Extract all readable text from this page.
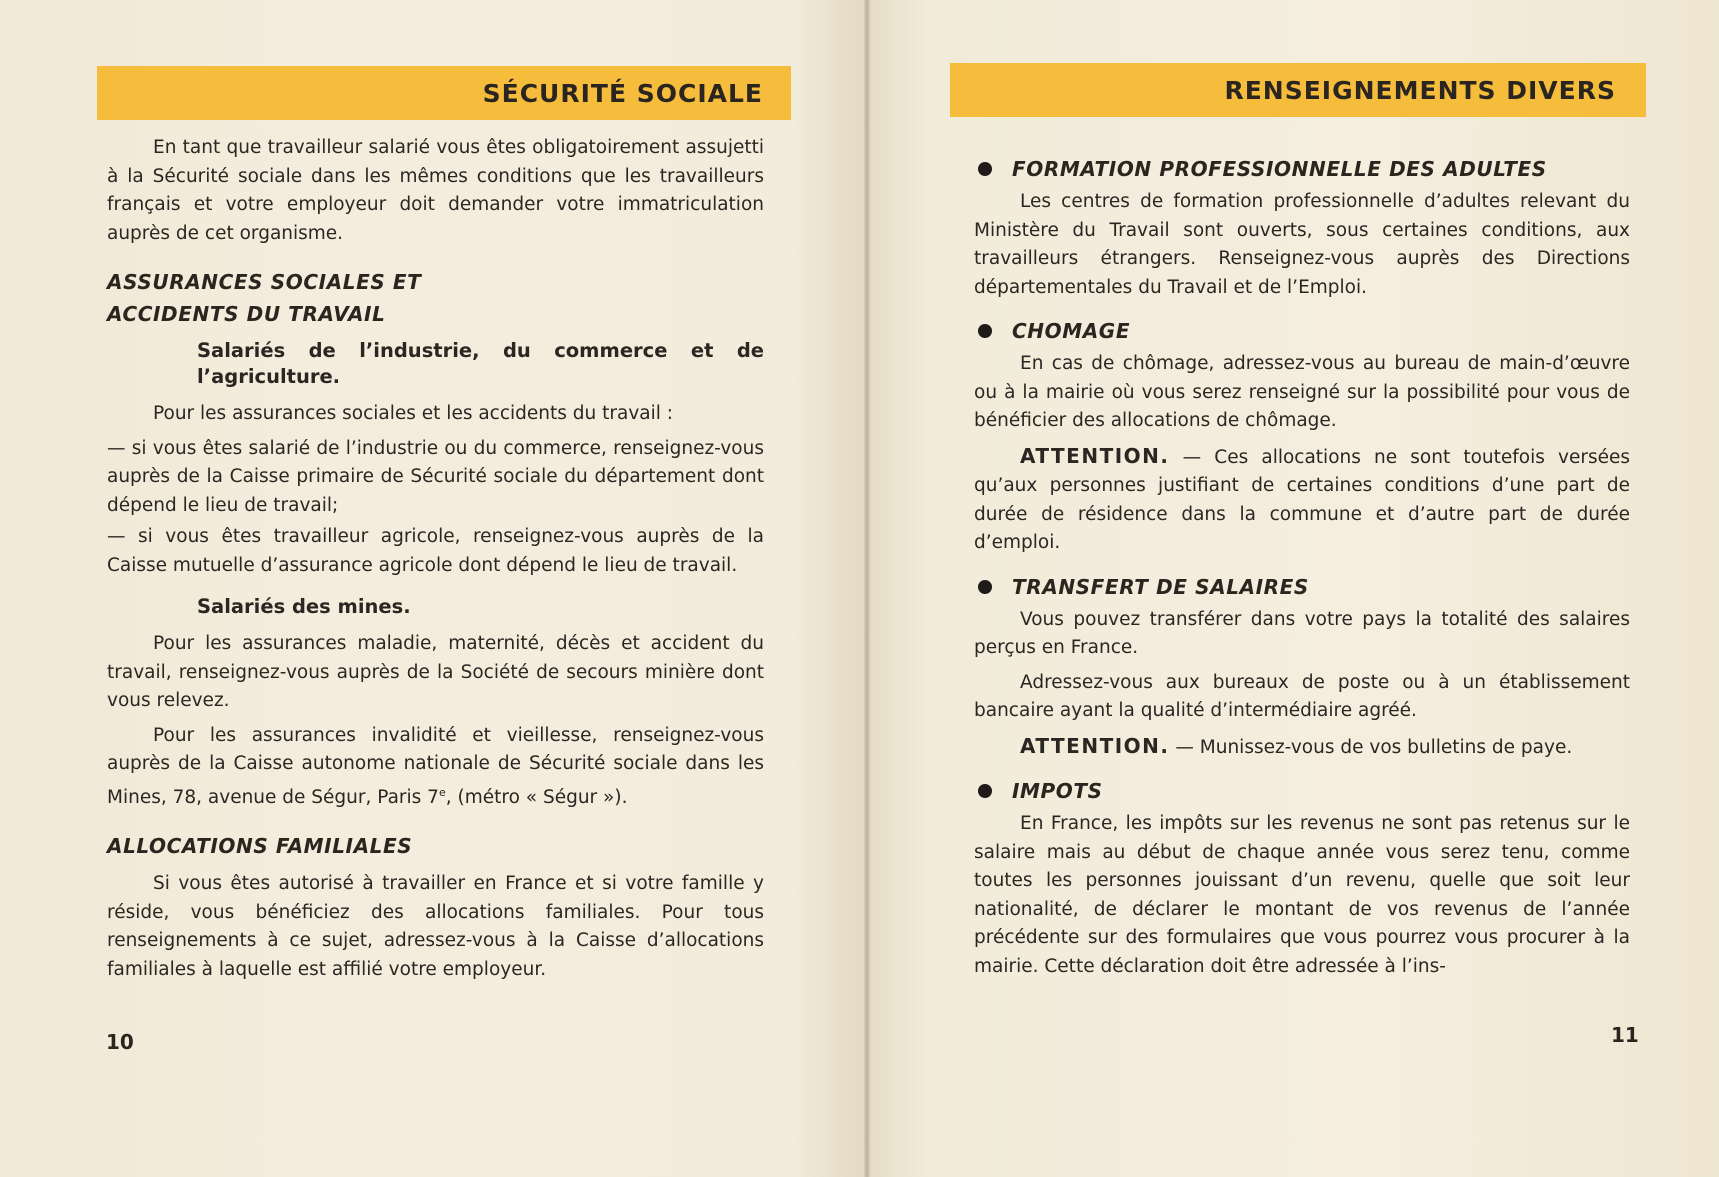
SÉCURITÉ SOCIALE

En tant que travailleur salarié vous êtes obligatoirement assujetti à la Sécurité sociale dans les mêmes conditions que les travailleurs français et votre employeur doit demander votre immatriculation auprès de cet organisme.

ASSURANCES SOCIALES ET
ACCIDENTS DU TRAVAIL
Salariés de l’industrie, du commerce et de l’agriculture.

Pour les assurances sociales et les accidents du travail :

— si vous êtes salarié de l’industrie ou du commerce, renseignez-vous auprès de la Caisse primaire de Sécurité sociale du département dont dépend le lieu de travail;

— si vous êtes travailleur agricole, renseignez-vous auprès de la Caisse mutuelle d’assurance agricole dont dépend le lieu de travail.

Salariés des mines.

Pour les assurances maladie, maternité, décès et accident du travail, renseignez-vous auprès de la Société de secours minière dont vous relevez.

Pour les assurances invalidité et vieillesse, renseignez-vous auprès de la Caisse autonome nationale de Sécurité sociale dans les Mines, 78, avenue de Ségur, Paris 7e, (métro « Ségur »).

ALLOCATIONS FAMILIALES

Si vous êtes autorisé à travailler en France et si votre famille y réside, vous bénéficiez des allocations familiales. Pour tous renseignements à ce sujet, adressez-vous à la Caisse d’allocations familiales à laquelle est affilié votre employeur.

10
RENSEIGNEMENTS DIVERS
FORMATION PROFESSIONNELLE DES ADULTES

Les centres de formation professionnelle d’adultes relevant du Ministère du Travail sont ouverts, sous certaines conditions, aux travailleurs étrangers. Renseignez-vous auprès des Directions départementales du Travail et de l’Emploi.

CHOMAGE

En cas de chômage, adressez-vous au bureau de main-d’œuvre ou à la mairie où vous serez renseigné sur la possibilité pour vous de bénéficier des allocations de chômage.

ATTENTION. — Ces allocations ne sont toutefois versées qu’aux personnes justifiant de certaines conditions d’une part de durée de résidence dans la commune et d’autre part de durée d’emploi.

TRANSFERT DE SALAIRES

Vous pouvez transférer dans votre pays la totalité des salaires perçus en France.

Adressez-vous aux bureaux de poste ou à un établissement bancaire ayant la qualité d’intermédiaire agréé.

ATTENTION. — Munissez-vous de vos bulletins de paye.

IMPOTS

En France, les impôts sur les revenus ne sont pas retenus sur le salaire mais au début de chaque année vous serez tenu, comme toutes les personnes jouissant d’un revenu, quelle que soit leur nationalité, de déclarer le montant de vos revenus de l’année précédente sur des formulaires que vous pourrez vous procurer à la mairie. Cette déclaration doit être adressée à l’ins-

11
